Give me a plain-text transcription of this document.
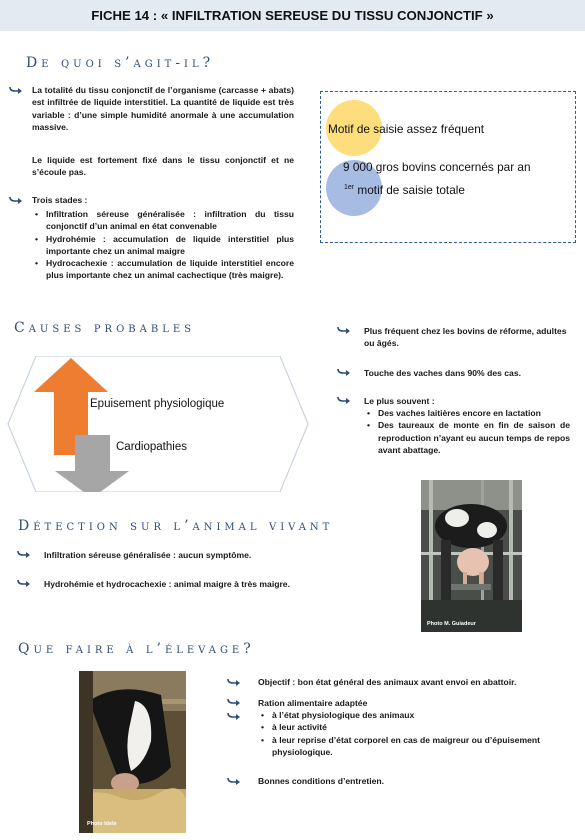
FICHE 14 : « INFILTRATION SEREUSE DU TISSU CONJONCTIF »
De quoi s’agit-il?
La totalité du tissu conjonctif de l’organisme (carcasse + abats) est infiltrée de liquide interstitiel. La quantité de liquide est très variable : d’une simple humidité anormale à une accumulation massive.
Le liquide est fortement fixé dans le tissu conjonctif et ne s’écoule pas.
Trois stades :
• Infiltration séreuse généralisée : infiltration du tissu conjonctif d’un animal en état convenable
• Hydrohémie : accumulation de liquide interstitiel plus importante chez un animal maigre
• Hydrocachexie : accumulation de liquide interstitiel encore plus importante chez un animal cachectique (très maigre).
Motif de saisie assez fréquent
9 000 gros bovins concernés par an
$^{1er}$ motif de saisie totale
Causes probables
Epuisement physiologique
Cardiopathies
Plus fréquent chez les bovins de réforme, adultes ou âgés.
Touche des vaches dans 90% des cas.
Le plus souvent :
• Des vaches laitières encore en lactation
• Des taureaux de monte en fin de saison de reproduction n’ayant eu aucun temps de repos avant abattage.
Photo M. Guiadeur
Détection sur l’animal vivant
Infiltration séreuse généralisée : aucun symptôme.
Hydrohémie et hydrocachexie : animal maigre à très maigre.
Que faire à l’élevage?
Photo Idele
Objectif : bon état général des animaux avant envoi en abattoir.
Ration alimentaire adaptée
• à l’état physiologique des animaux
• à leur activité
• à leur reprise d’état corporel en cas de maigreur ou d’épuisement physiologique.
Bonnes conditions d’entretien.
